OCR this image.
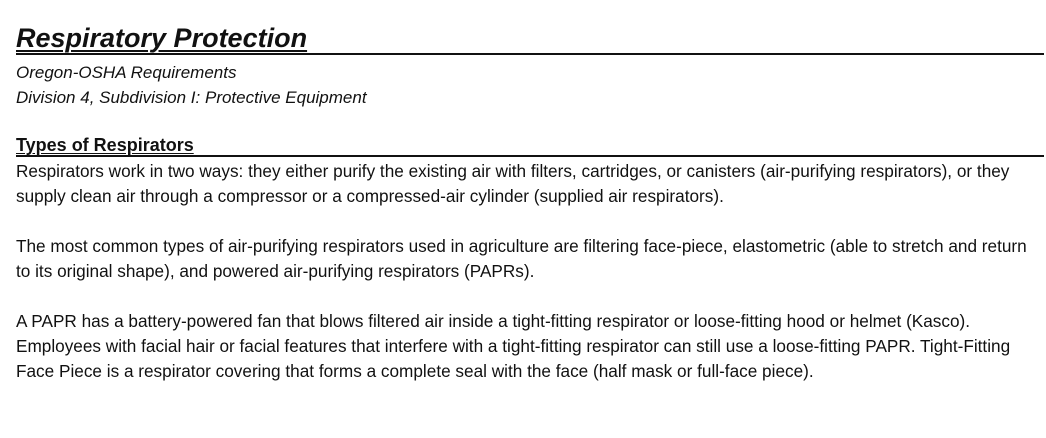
Respiratory Protection

Oregon-OSHA Requirements

Division 4, Subdivision I: Protective Equipment

Types of Respirators

Respirators work in two ways: they either purify the existing air with filters, cartridges, or canisters (air-purifying respirators), or they supply clean air through a compressor or a compressed-air cylinder (supplied air respirators).

The most common types of air-purifying respirators used in agriculture are filtering face-piece, elastometric (able to stretch and return to its original shape), and powered air-purifying respirators (PAPRs).

A PAPR has a battery-powered fan that blows filtered air inside a tight-fitting respirator or loose-fitting hood or helmet (Kasco). Employees with facial hair or facial features that interfere with a tight-fitting respirator can still use a loose-fitting PAPR. Tight-Fitting Face Piece is a respirator covering that forms a complete seal with the face (half mask or full-face piece).
